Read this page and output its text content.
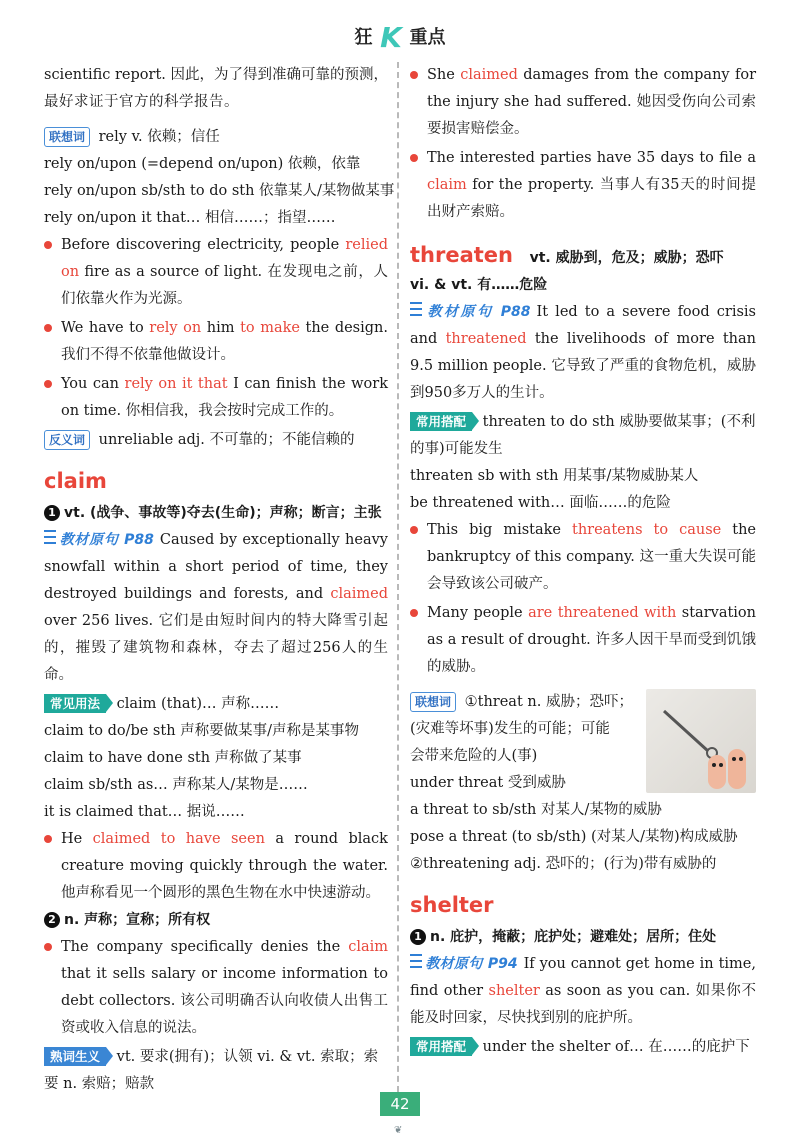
狂 K 重点

scientific report. 因此，为了得到准确可靠的预测，

最好求证于官方的科学报告。

联想词 rely v. 依赖；信任

rely on/upon (=depend on/upon) 依赖，依靠

rely on/upon sb/sth to do sth 依靠某人/某物做某事

rely on/upon it that… 相信……；指望……

Before discovering electricity, people relied on fire as a source of light. 在发现电之前，人们依靠火作为光源。

We have to rely on him to make the design. 我们不得不依靠他做设计。

You can rely on it that I can finish the work on time. 你相信我，我会按时完成工作的。

反义词 unreliable adj. 不可靠的；不能信赖的

claim

1 vt. (战争、事故等)夺去(生命)；声称；断言；主张

教材原句 P88 Caused by exceptionally heavy snowfall within a short period of time, they destroyed buildings and forests, and claimed over 256 lives. 它们是由短时间内的特大降雪引起的，摧毁了建筑物和森林，夺去了超过256人的生命。

常见用法 claim (that)… 声称……

claim to do/be sth 声称要做某事/声称是某事物

claim to have done sth 声称做了某事

claim sb/sth as… 声称某人/某物是……

it is claimed that… 据说……

He claimed to have seen a round black creature moving quickly through the water. 他声称看见一个圆形的黑色生物在水中快速游动。

2 n. 声称；宣称；所有权

The company specifically denies the claim that it sells salary or income information to debt collectors. 该公司明确否认向收债人出售工资或收入信息的说法。

熟词生义 vt. 要求(拥有)；认领 vi. & vt. 索取；索要 n. 索赔；赔款

She claimed damages from the company for the injury she had suffered. 她因受伤向公司索要损害赔偿金。

The interested parties have 35 days to file a claim for the property. 当事人有35天的时间提出财产索赔。

threaten vt. 威胁到，危及；威胁；恐吓

vi. & vt. 有……危险

教材原句 P88 It led to a severe food crisis and threatened the livelihoods of more than 9.5 million people. 它导致了严重的食物危机，威胁到950多万人的生计。

常用搭配 threaten to do sth 威胁要做某事；(不利的事)可能发生

threaten sb with sth 用某事/某物威胁某人

be threatened with… 面临……的危险

This big mistake threatens to cause the bankruptcy of this company. 这一重大失误可能会导致该公司破产。

Many people are threatened with starvation as a result of drought. 许多人因干旱而受到饥饿的威胁。

联想词 ①threat n. 威胁；恐吓；

(灾难等坏事)发生的可能；可能

会带来危险的人(事)

under threat 受到威胁

a threat to sb/sth 对某人/某物的威胁

pose a threat (to sb/sth) (对某人/某物)构成威胁

②threatening adj. 恐吓的；(行为)带有威胁的

shelter

1 n. 庇护，掩蔽；庇护处；避难处；居所；住处

教材原句 P94 If you cannot get home in time, find other shelter as soon as you can. 如果你不能及时回家，尽快找到别的庇护所。

常用搭配 under the shelter of… 在……的庇护下

42
❦
